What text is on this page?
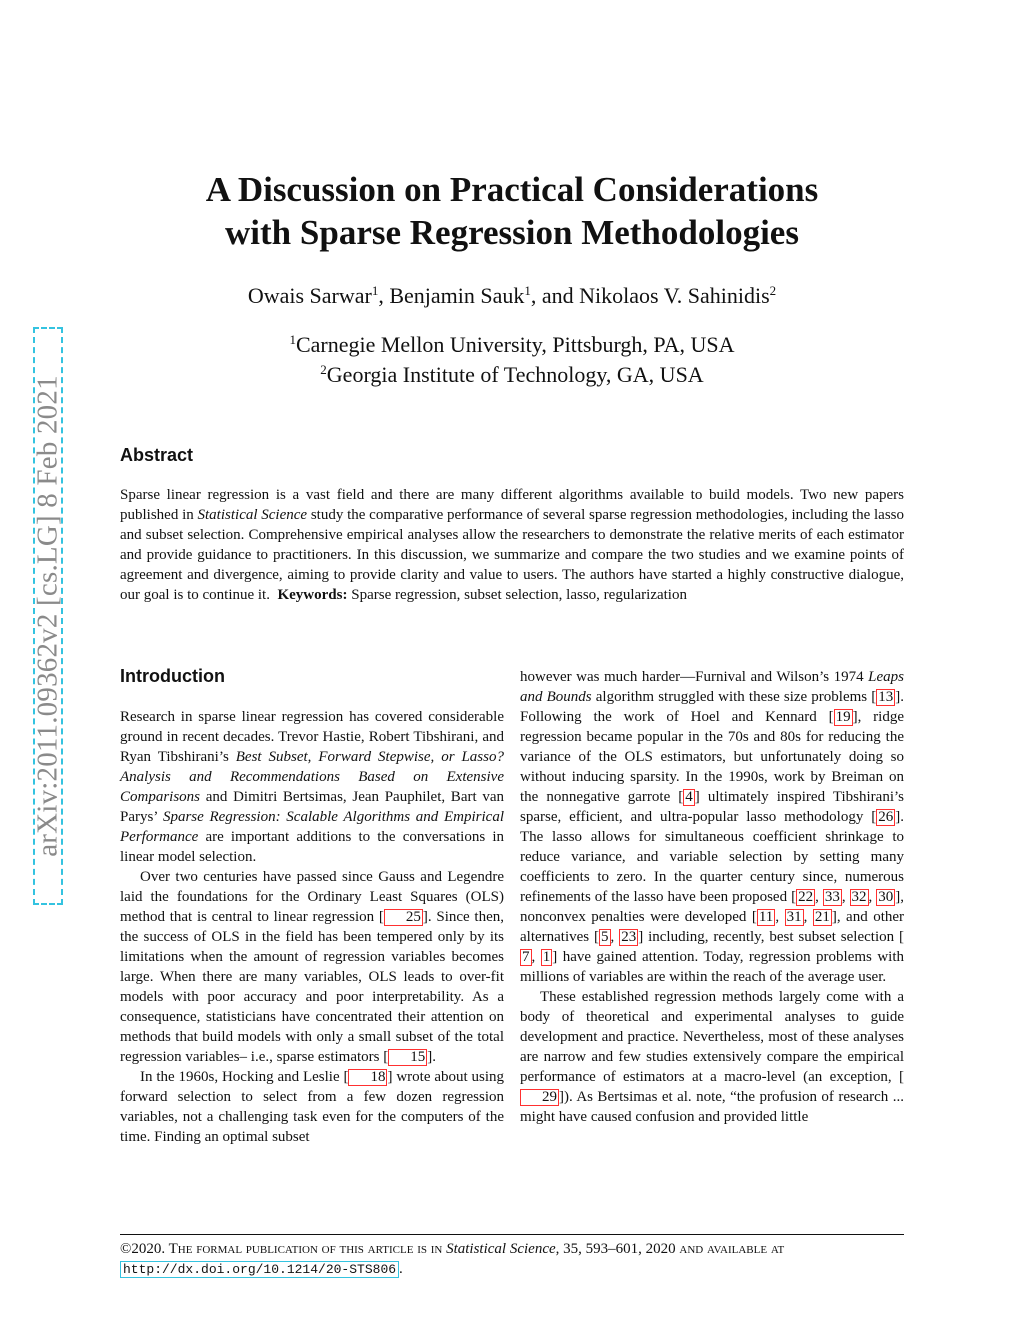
arXiv:2011.09362v2 [cs.LG] 8 Feb 2021
A Discussion on Practical Considerations
with Sparse Regression Methodologies
Owais Sarwar$^1$, Benjamin Sauk$^1$, and Nikolaos V. Sahinidis$^2$
$^1$Carnegie Mellon University, Pittsburgh, PA, USA
$^2$Georgia Institute of Technology, GA, USA
Abstract
Sparse linear regression is a vast field and there are many different algorithms available to build models. Two new papers published in Statistical Science study the comparative performance of several sparse regression methodologies, including the lasso and subset selection. Comprehensive empirical analyses allow the researchers to demonstrate the relative merits of each estimator and provide guidance to practitioners. In this discussion, we summarize and compare the two studies and we examine points of agreement and divergence, aiming to provide clarity and value to users. The authors have started a highly constructive dialogue, our goal is to continue it. Keywords: Sparse regression, subset selection, lasso, regularization
Introduction

Research in sparse linear regression has covered considerable ground in recent decades. Trevor Hastie, Robert Tibshirani, and Ryan Tibshirani’s Best Subset, Forward Stepwise, or Lasso? Analysis and Recommendations Based on Extensive Comparisons and Dimitri Bertsimas, Jean Pauphilet, Bart van Parys’ Sparse Regression: Scalable Algorithms and Empirical Performance are important additions to the conversations in linear model selection.

Over two centuries have passed since Gauss and Legendre laid the foundations for the Ordinary Least Squares (OLS) method that is central to linear regression [ 25 ]. Since then, the success of OLS in the field has been tempered only by its limitations when the amount of regression variables becomes large. When there are many variables, OLS leads to over-fit models with poor accuracy and poor interpretability. As a consequence, statisticians have concentrated their attention on methods that build models with only a small subset of the total regression variables– i.e., sparse estimators [ 15 ].

In the 1960s, Hocking and Leslie [ 18 ] wrote about using forward selection to select from a few dozen regression variables, not a challenging task even for the computers of the time. Finding an optimal subset

however was much harder—Furnival and Wilson’s 1974 Leaps and Bounds algorithm struggled with these size problems [ 13 ]. Following the work of Hoel and Kennard [ 19 ], ridge regression became popular in the 70s and 80s for reducing the variance of the OLS estimators, but unfortunately doing so without inducing sparsity. In the 1990s, work by Breiman on the nonnegative garrote [ 4 ] ultimately inspired Tibshirani’s sparse, efficient, and ultra-popular lasso methodology [ 26 ]. The lasso allows for simultaneous coefficient shrinkage to reduce variance, and variable selection by setting many coefficients to zero. In the quarter century since, numerous refinements of the lasso have been proposed [ 22 , 33 , 32 , 30 ], nonconvex penalties were developed [ 11 , 31 , 21 ], and other alternatives [ 5 , 23 ] including, recently, best subset selection [7 , 1 ] have gained attention. Today, regression problems with millions of variables are within the reach of the average user.

These established regression methods largely come with a body of theoretical and experimental analyses to guide development and practice. Nevertheless, most of these analyses are narrow and few studies extensively compare the empirical performance of estimators at a macro-level (an exception, [29 ]). As Bertsimas et al. note, “the profusion of research ... might have caused confusion and provided little

©2020. The formal publication of this article is in Statistical Science, 35, 593–601, 2020 and available at http://dx.doi.org/10.1214/20-STS806 .
